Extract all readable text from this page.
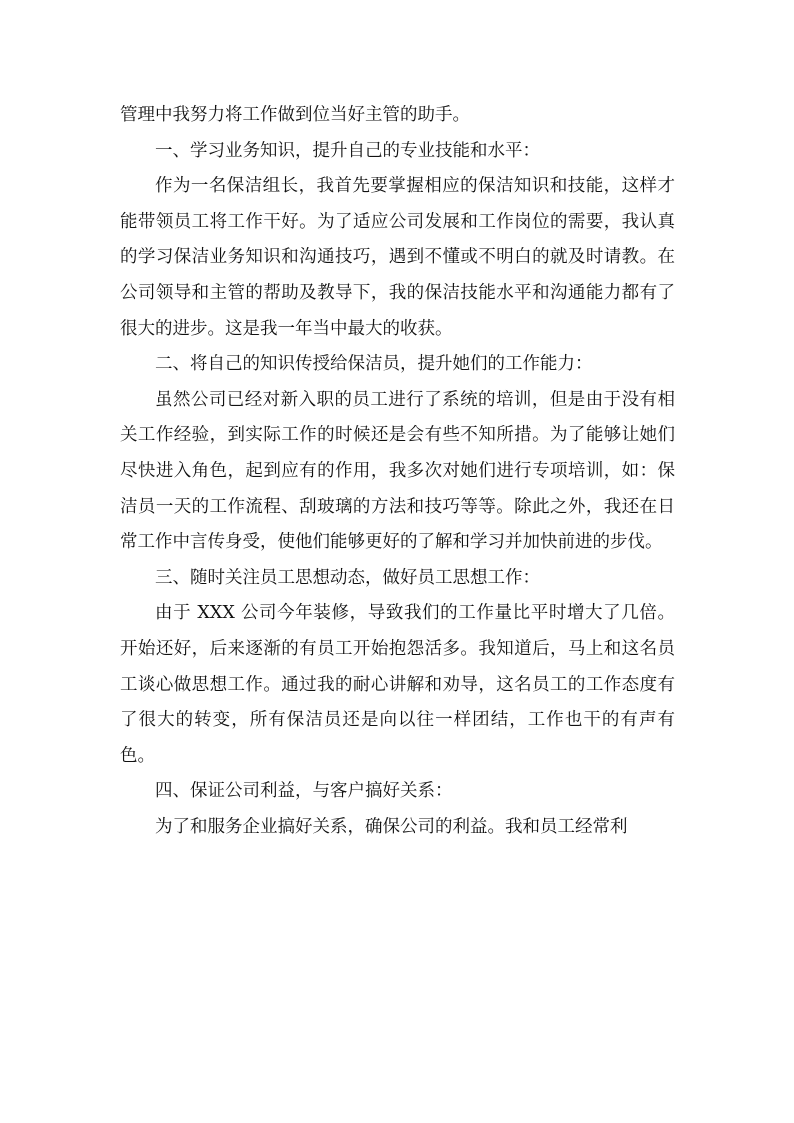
管理中我努力将工作做到位当好主管的助手。

一、学习业务知识，提升自己的专业技能和水平：

作为一名保洁组长，我首先要掌握相应的保洁知识和技能，这样才能带领员工将工作干好。为了适应公司发展和工作岗位的需要，我认真的学习保洁业务知识和沟通技巧，遇到不懂或不明白的就及时请教。在公司领导和主管的帮助及教导下，我的保洁技能水平和沟通能力都有了很大的进步。这是我一年当中最大的收获。

二、将自己的知识传授给保洁员，提升她们的工作能力：

虽然公司已经对新入职的员工进行了系统的培训，但是由于没有相关工作经验，到实际工作的时候还是会有些不知所措。为了能够让她们尽快进入角色，起到应有的作用，我多次对她们进行专项培训，如：保洁员一天的工作流程、刮玻璃的方法和技巧等等。除此之外，我还在日常工作中言传身受，使他们能够更好的了解和学习并加快前进的步伐。

三、随时关注员工思想动态，做好员工思想工作：

由于 XXX 公司今年装修，导致我们的工作量比平时增大了几倍。开始还好，后来逐渐的有员工开始抱怨活多。我知道后，马上和这名员工谈心做思想工作。通过我的耐心讲解和劝导，这名员工的工作态度有了很大的转变，所有保洁员还是向以往一样团结，工作也干的有声有色。

四、保证公司利益，与客户搞好关系：

为了和服务企业搞好关系，确保公司的利益。我和员工经常利
